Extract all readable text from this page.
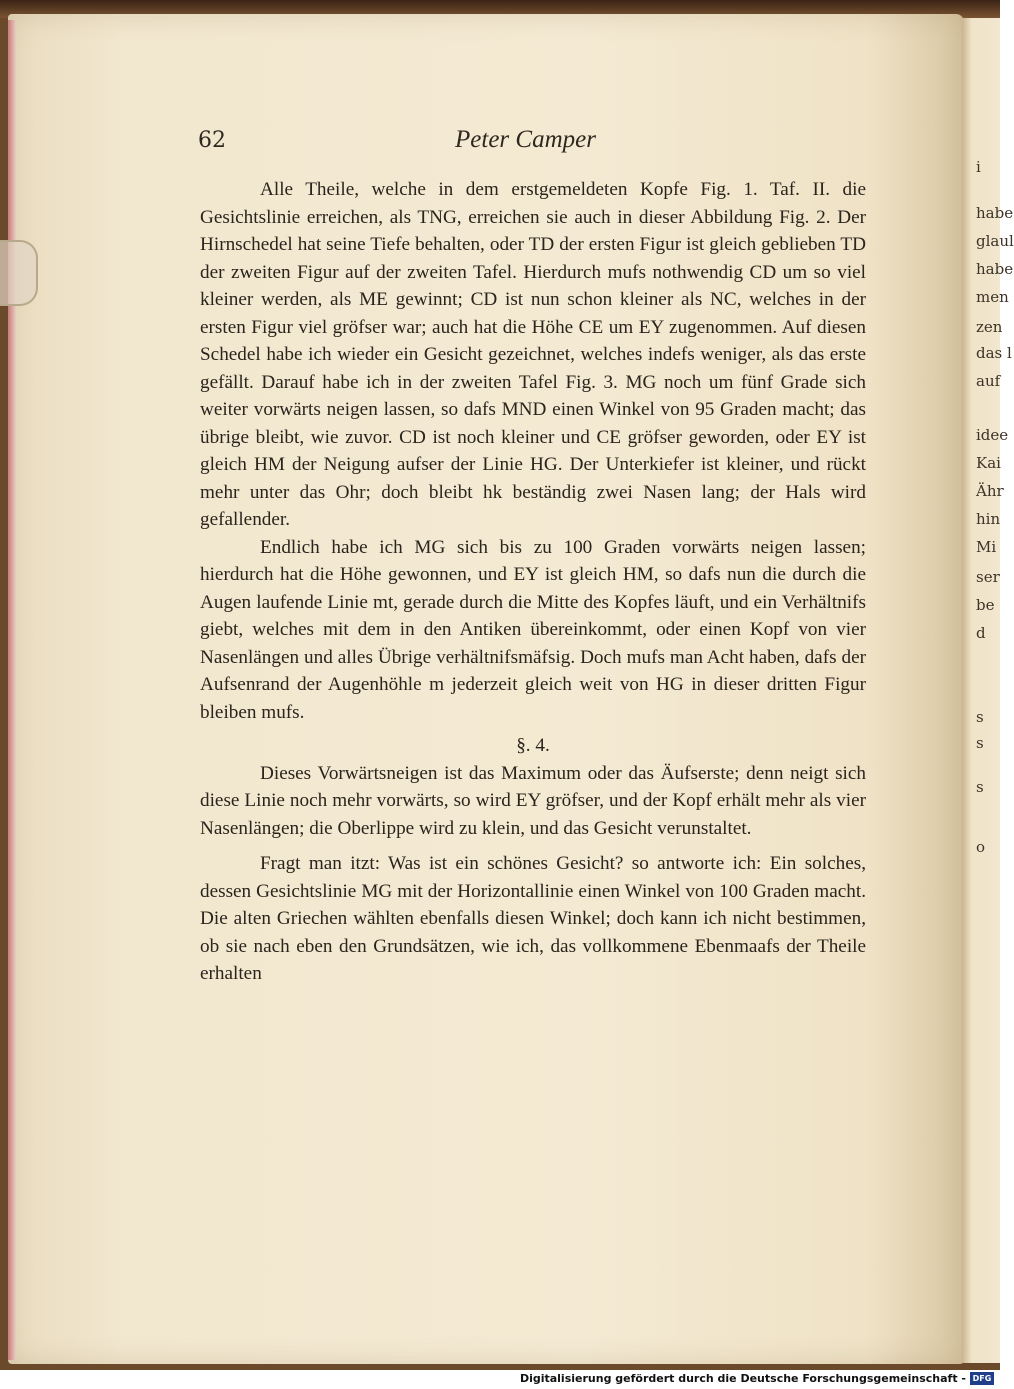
i
habe
glaul
habe
men
zen
das l
auf
idee
Kai
Ähr
hin
Mi
ser
be
d
s
s
s
o
62	Peter Camper

Alle Theile, welche in dem erstgemeldeten Kopfe Fig. 1. Taf. II. die Gesichtslinie erreichen, als TNG, erreichen sie auch in dieser Abbildung Fig. 2. Der Hirnschedel hat seine Tiefe behalten, oder TD der ersten Figur ist gleich geblieben TD der zweiten Figur auf der zweiten Tafel. Hierdurch mufs nothwendig CD um so viel kleiner werden, als ME gewinnt; CD ist nun schon kleiner als NC, welches in der ersten Figur viel gröfser war; auch hat die Höhe CE um EY zugenommen. Auf diesen Schedel habe ich wieder ein Gesicht gezeichnet, welches indefs weniger, als das erste gefällt. Darauf habe ich in der zweiten Tafel Fig. 3. MG noch um fünf Grade sich weiter vorwärts neigen lassen, so dafs MND einen Winkel von 95 Graden macht; das übrige bleibt, wie zuvor. CD ist noch kleiner und CE gröfser geworden, oder EY ist gleich HM der Neigung aufser der Linie HG. Der Unterkiefer ist kleiner, und rückt mehr unter das Ohr; doch bleibt hk beständig zwei Nasen lang; der Hals wird gefallender.

Endlich habe ich MG sich bis zu 100 Graden vorwärts neigen lassen; hierdurch hat die Höhe gewonnen, und EY ist gleich HM, so dafs nun die durch die Augen laufende Linie mt, gerade durch die Mitte des Kopfes läuft, und ein Verhältnifs giebt, welches mit dem in den Antiken übereinkommt, oder einen Kopf von vier Nasenlängen und alles Übrige verhältnifsmäfsig. Doch mufs man Acht haben, dafs der Aufsenrand der Augenhöhle m jederzeit gleich weit von HG in dieser dritten Figur bleiben mufs.

§. 4.

Dieses Vorwärtsneigen ist das Maximum oder das Äufserste; denn neigt sich diese Linie noch mehr vorwärts, so wird EY gröfser, und der Kopf erhält mehr als vier Nasenlängen; die Oberlippe wird zu klein, und das Gesicht verunstaltet.

Fragt man itzt: Was ist ein schönes Gesicht? so antworte ich: Ein solches, dessen Gesichtslinie MG mit der Horizontallinie einen Winkel von 100 Graden macht. Die alten Griechen wählten ebenfalls diesen Winkel; doch kann ich nicht bestimmen, ob sie nach eben den Grundsätzen, wie ich, das vollkommene Ebenmaafs der Theile erhalten

Digitalisierung gefördert durch die Deutsche Forschungsgemeinschaft - DFG
